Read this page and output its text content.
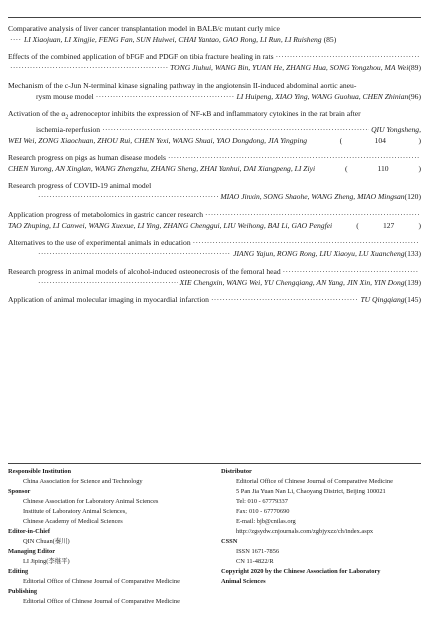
Comparative analysis of liver cancer transplantation model in BALB/c mutant curly mice
·····
LI Xiaojuan, LI Xingjie, FENG Fan, SUN Huiwei, CHAI Yantao, GAO Rong, LI Run, LI Ruisheng ( 85 )
Effects of the combined application of bFGF and PDGF on tibia fracture healing in rats
·····
·····
TONG Jiuhui, WANG Bin, YUAN He, ZHANG Hua, SONG Yongzhou, MA Wei ( 89 )
Mechanism of the c-Jun N-terminal kinase signaling pathway in the angiotensin II-induced abdominal aortic aneu-
rysm mouse model ·····	LI Huipeng, XIAO Ying, WANG Guohua, CHEN Zhinian ( 96 )
Activation of the $\alpha_2$ adrenoceptor inhibits the expression of NF-κB and inflammatory cytokines in the rat brain after
ischemia-reperfusion ·····	QIU Yongsheng,
WEI Wei, ZONG Xiaochuan, ZHOU Rui, CHEN Yexi, WANG Shuai, YAO Dongdong, JIA Yingping	(	104	)
Research progress on pigs as human disease models
·····
CHEN Yurong, AN Xinglan, WANG Zhengzhu, ZHANG Sheng, ZHAI Yanhui, DAI Xiangpeng, LI Ziyi	(	110	)
Research progress of COVID-19 animal model
·····
MIAO Jinxin, SONG Shaohe, WANG Zheng, MIAO Mingsan ( 120 )
Application progress of metabolomics in gastric cancer research
·····
TAO Zhuping, LI Canwei, WANG Xuexue, LI Ying, ZHANG Chenggui, LIU Weihong, BAI Li, GAO Pengfei	(	127	)
Alternatives to the use of experimental animals in education
·····
·····
JIANG Yajun, RONG Rong, LIU Xiaoyu, LU Xuancheng ( 133 )
Research progress in animal models of alcohol-induced osteonecrosis of the femoral head
·····
·····
XIE Chengxin, WANG Wei, YU Chengqiang, AN Yang, JIN Xin, YIN Dong ( 139 )
Application of animal molecular imaging in myocardial infarction ·····	TU Qingqiang ( 145 )
Responsible Institution
China Association for Science and Technology
Sponsor
Chinese Association for Laboratory Animal Sciences
Institute of Laboratory Animal Sciences,
Chinese Academy of Medical Sciences
Editor-in-Chief
QIN Chuan(秦川)
Managing Editor
LI Jiping(李继平)
Editing
Editorial Office of Chinese Journal of Comparative Medicine
Publishing
Editorial Office of Chinese Journal of Comparative Medicine
Distributor
Editorial Office of Chinese Journal of Comparative Medicine
5 Pan Jia Yuan Nan Li, Chaoyang District, Beijing 100021
Tel: 010 - 67779337
Fax: 010 - 67770690
E-mail: bjb@cnilas.org
http://zgsydw.cnjournals.com/zgbjyxzz/ch/index.aspx
CSSN
ISSN 1671-7856
CN 11-4822/R
Copyright 2020 by the Chinese Association for Laboratory
Animal Sciences
